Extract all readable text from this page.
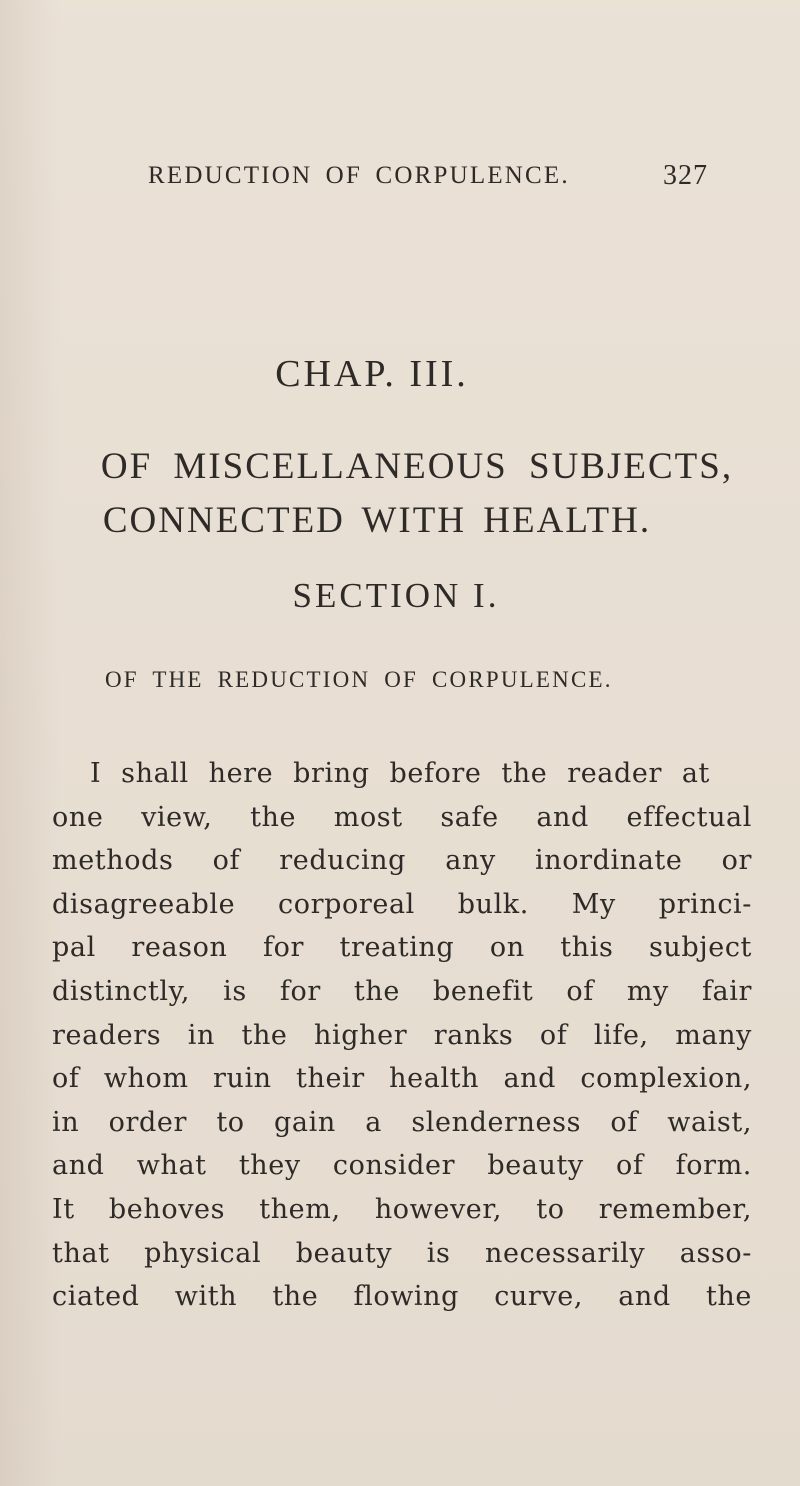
REDUCTION OF CORPULENCE.	327
CHAP. III.
OF MISCELLANEOUS SUBJECTS,
CONNECTED WITH HEALTH.
SECTION I.
OF THE REDUCTION OF CORPULENCE.
I shall here bring before the reader at
one view, the most safe and effectual
methods of reducing any inordinate or
disagreeable corporeal bulk. My princi-
pal reason for treating on this subject
distinctly, is for the benefit of my fair
readers in the higher ranks of life, many
of whom ruin their health and complexion,
in order to gain a slenderness of waist,
and what they consider beauty of form.
It behoves them, however, to remember,
that physical beauty is necessarily asso-
ciated with the flowing curve, and the
